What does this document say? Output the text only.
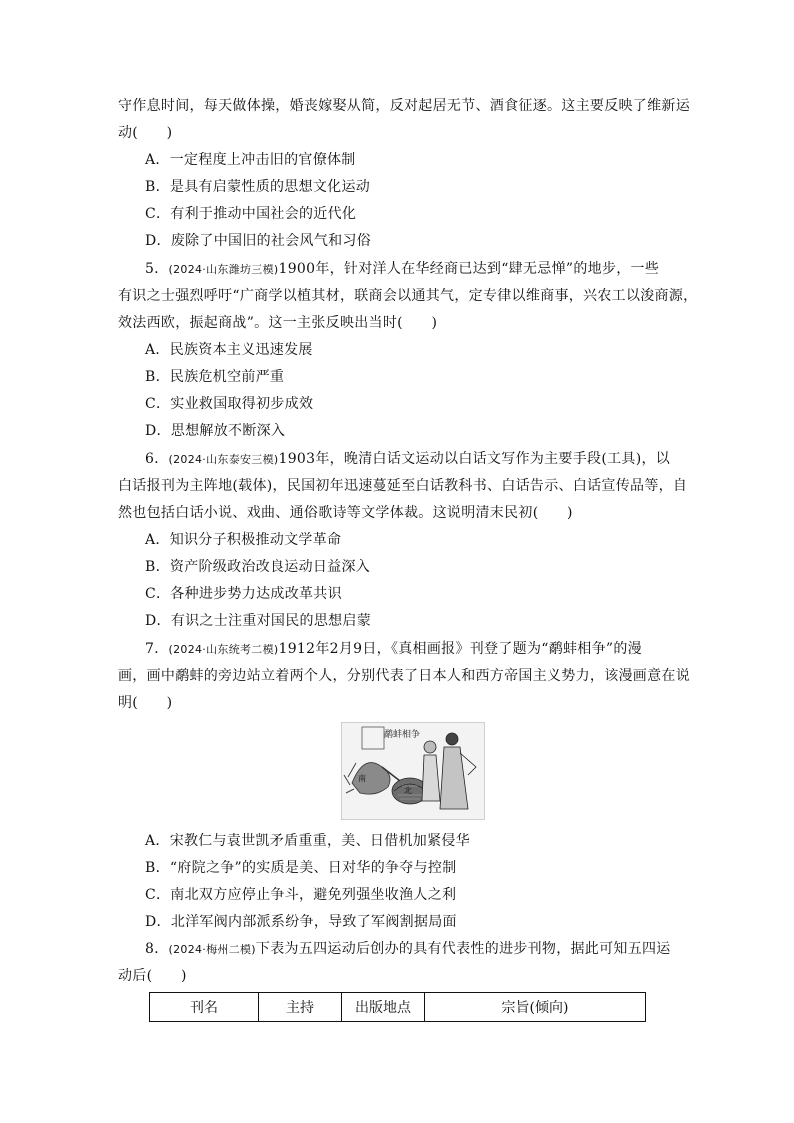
守作息时间，每天做体操，婚丧嫁娶从简，反对起居无节、酒食征逐。这主要反映了维新运
动(　　)
A．一定程度上冲击旧的官僚体制
B．是具有启蒙性质的思想文化运动
C．有利于推动中国社会的近代化
D．废除了中国旧的社会风气和习俗
5．(2024·山东潍坊三模)1900年，针对洋人在华经商已达到“肆无忌惮”的地步，一些
有识之士强烈呼吁“广商学以植其材，联商会以通其气，定专律以维商事，兴农工以浚商源，
效法西欧，振起商战”。这一主张反映出当时(　　)
A．民族资本主义迅速发展
B．民族危机空前严重
C．实业救国取得初步成效
D．思想解放不断深入
6．(2024·山东泰安三模)1903年，晚清白话文运动以白话文写作为主要手段(工具)，以
白话报刊为主阵地(载体)，民国初年迅速蔓延至白话教科书、白话告示、白话宣传品等，自
然也包括白话小说、戏曲、通俗歌诗等文学体裁。这说明清末民初(　　)
A．知识分子积极推动文学革命
B．资产阶级政治改良运动日益深入
C．各种进步势力达成改革共识
D．有识之士注重对国民的思想启蒙
7．(2024·山东统考二模)1912年2月9日，《真相画报》刊登了题为“鹬蚌相争”的漫
画，画中鹬蚌的旁边站立着两个人，分别代表了日本人和西方帝国主义势力，该漫画意在说
明(　　)
鹬蚌相争
南
北
A．宋教仁与袁世凯矛盾重重，美、日借机加紧侵华
B．“府院之争”的实质是美、日对华的争夺与控制
C．南北双方应停止争斗，避免列强坐收渔人之利
D．北洋军阀内部派系纷争，导致了军阀割据局面
8．(2024·梅州二模)下表为五四运动后创办的具有代表性的进步刊物，据此可知五四运
动后(　　)
刊名	主持	出版地点	宗旨(倾向)
